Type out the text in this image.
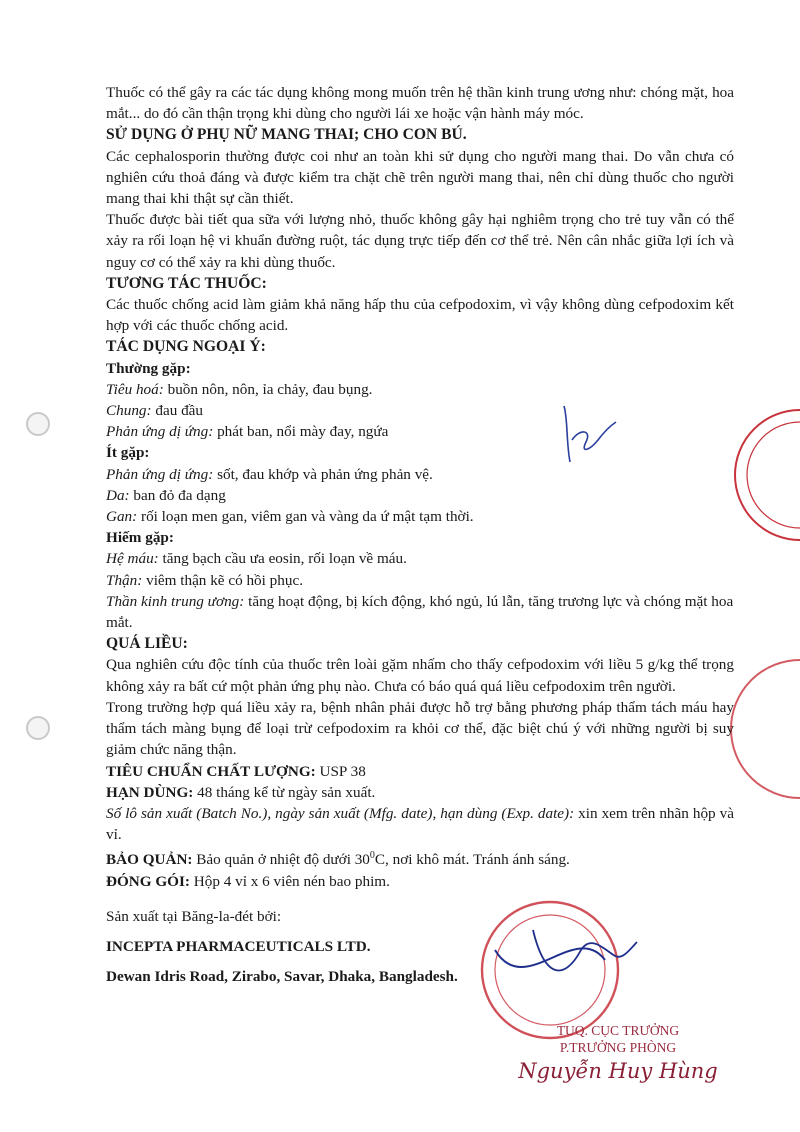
Thuốc có thể gây ra các tác dụng không mong muốn trên hệ thần kinh trung ương như: chóng mặt, hoa mắt... do đó cần thận trọng khi dùng cho người lái xe hoặc vận hành máy móc.

SỬ DỤNG Ở PHỤ NỮ MANG THAI; CHO CON BÚ.

Các cephalosporin thường được coi như an toàn khi sử dụng cho người mang thai. Do vẫn chưa có nghiên cứu thoả đáng và được kiểm tra chặt chẽ trên người mang thai, nên chỉ dùng thuốc cho người mang thai khi thật sự cần thiết.

Thuốc được bài tiết qua sữa với lượng nhỏ, thuốc không gây hại nghiêm trọng cho trẻ tuy vẫn có thể xảy ra rối loạn hệ vi khuẩn đường ruột, tác dụng trực tiếp đến cơ thể trẻ. Nên cân nhắc giữa lợi ích và nguy cơ có thể xảy ra khi dùng thuốc.

TƯƠNG TÁC THUỐC:

Các thuốc chống acid làm giảm khả năng hấp thu của cefpodoxim, vì vậy không dùng cefpodoxim kết hợp với các thuốc chống acid.

TÁC DỤNG NGOẠI Ý:

Thường gặp:

Tiêu hoá: buồn nôn, nôn, ỉa chảy, đau bụng.

Chung: đau đầu

Phản ứng dị ứng: phát ban, nổi mày đay, ngứa

Ít gặp:

Phản ứng dị ứng: sốt, đau khớp và phản ứng phản vệ.

Da: ban đỏ đa dạng

Gan: rối loạn men gan, viêm gan và vàng da ứ mật tạm thời.

Hiếm gặp:

Hệ máu: tăng bạch cầu ưa eosin, rối loạn về máu.

Thận: viêm thận kẽ có hồi phục.

Thần kinh trung ương: tăng hoạt động, bị kích động, khó ngủ, lú lẫn, tăng trương lực và chóng mặt hoa mắt.

QUÁ LIỀU:

Qua nghiên cứu độc tính của thuốc trên loài gặm nhấm cho thấy cefpodoxim với liều 5 g/kg thể trọng không xảy ra bất cứ một phản ứng phụ nào. Chưa có báo quá quá liều cefpodoxim trên người.

Trong trường hợp quá liều xảy ra, bệnh nhân phải được hỗ trợ bằng phương pháp thẩm tách máu hay thẩm tách màng bụng để loại trừ cefpodoxim ra khỏi cơ thể, đặc biệt chú ý với những người bị suy giảm chức năng thận.

TIÊU CHUẨN CHẤT LƯỢNG: USP 38

HẠN DÙNG: 48 tháng kể từ ngày sản xuất.

Số lô sản xuất (Batch No.), ngày sản xuất (Mfg. date), hạn dùng (Exp. date): xin xem trên nhãn hộp và vỉ.

BẢO QUẢN: Bảo quản ở nhiệt độ dưới $30^0C$, nơi khô mát. Tránh ánh sáng.

ĐÓNG GÓI: Hộp 4 vỉ x 6 viên nén bao phim.

Sản xuất tại Băng-la-đét bởi:

INCEPTA PHARMACEUTICALS LTD.

Dewan Idris Road, Zirabo, Savar, Dhaka, Bangladesh.

TUQ. CỤC TRƯỞNG
P.TRƯỞNG PHÒNG
Nguyễn Huy Hùng
